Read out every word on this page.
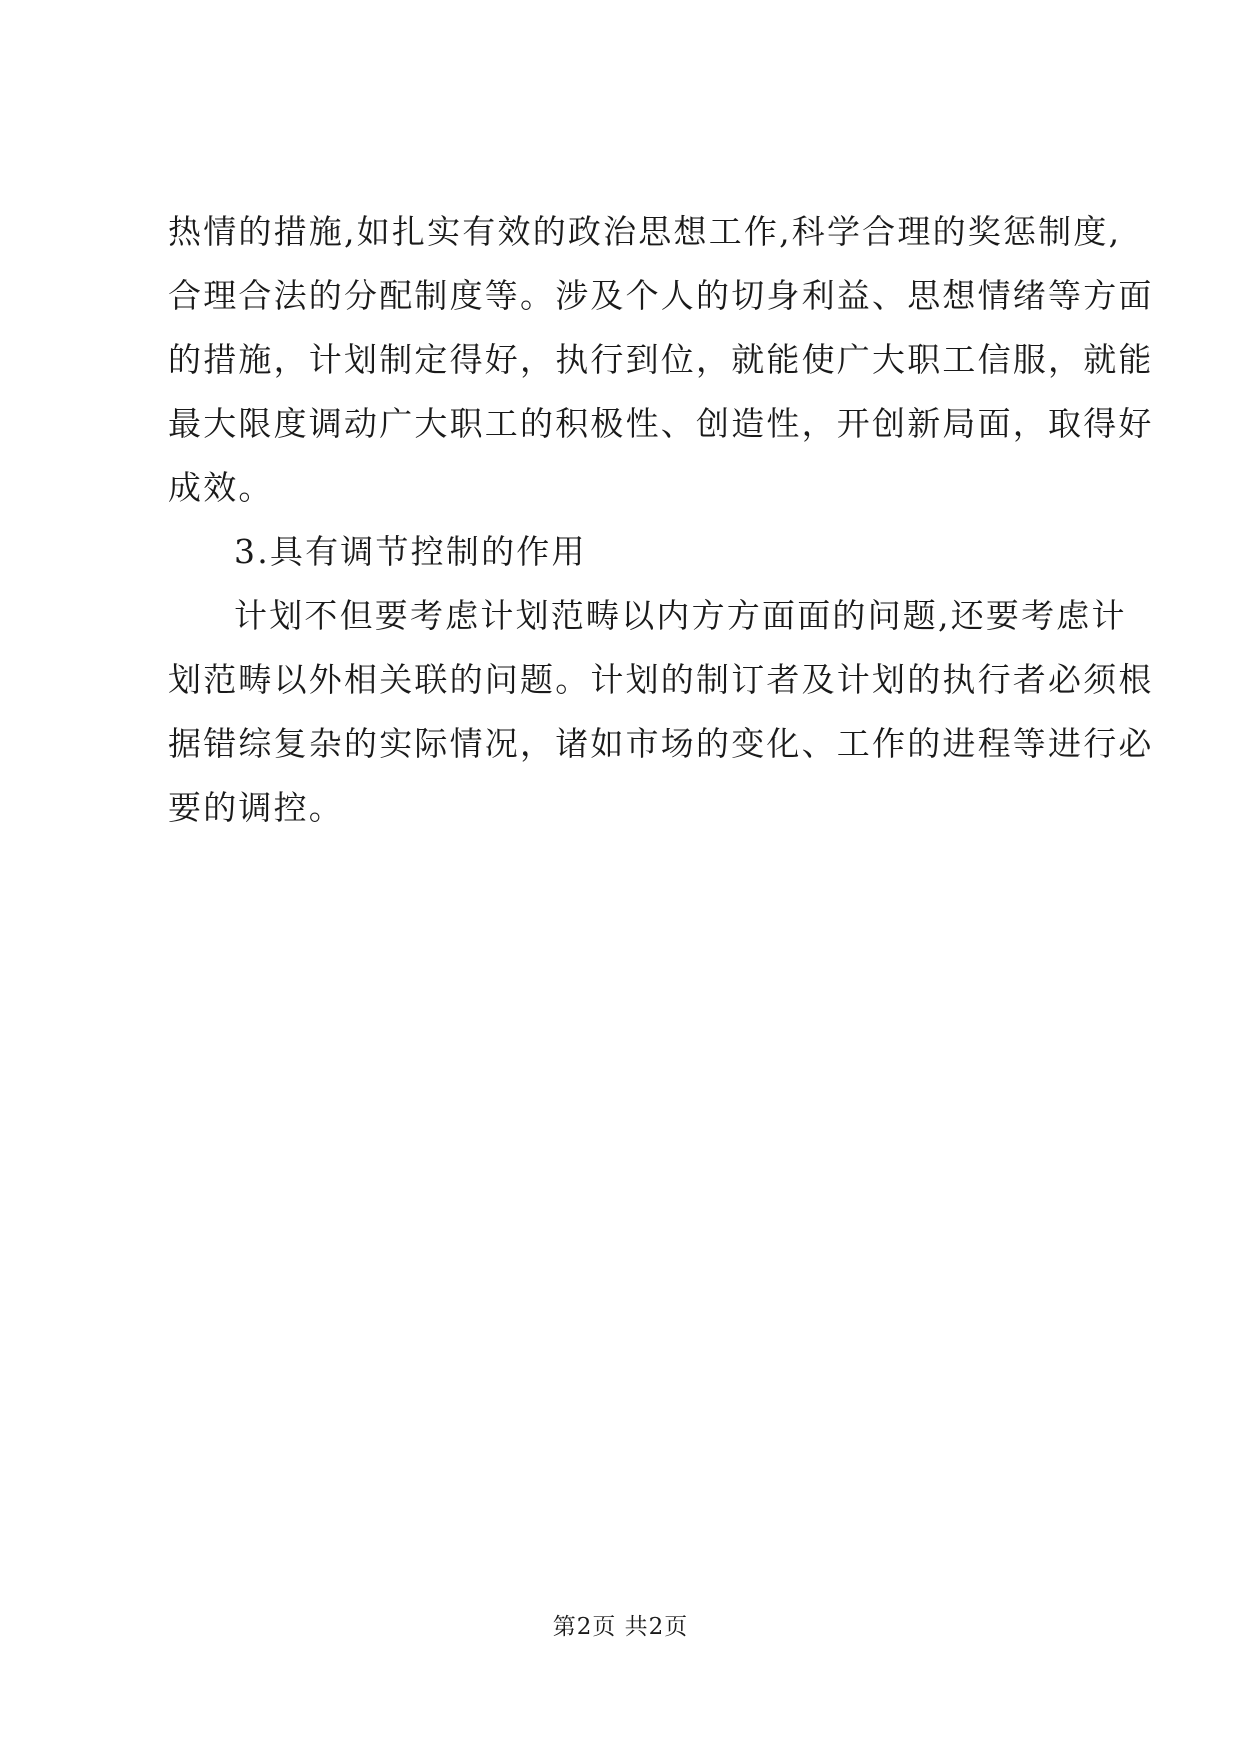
热情的措施,如扎实有效的政治思想工作,科学合理的奖惩制度,
合理合法的分配制度等。涉及个人的切身利益、思想情绪等方面
的措施，计划制定得好，执行到位，就能使广大职工信服，就能
最大限度调动广大职工的积极性、创造性，开创新局面，取得好
成效。
3.具有调节控制的作用
计划不但要考虑计划范畴以内方方面面的问题,还要考虑计
划范畴以外相关联的问题。计划的制订者及计划的执行者必须根
据错综复杂的实际情况，诸如市场的变化、工作的进程等进行必
要的调控。
第2页 共2页
